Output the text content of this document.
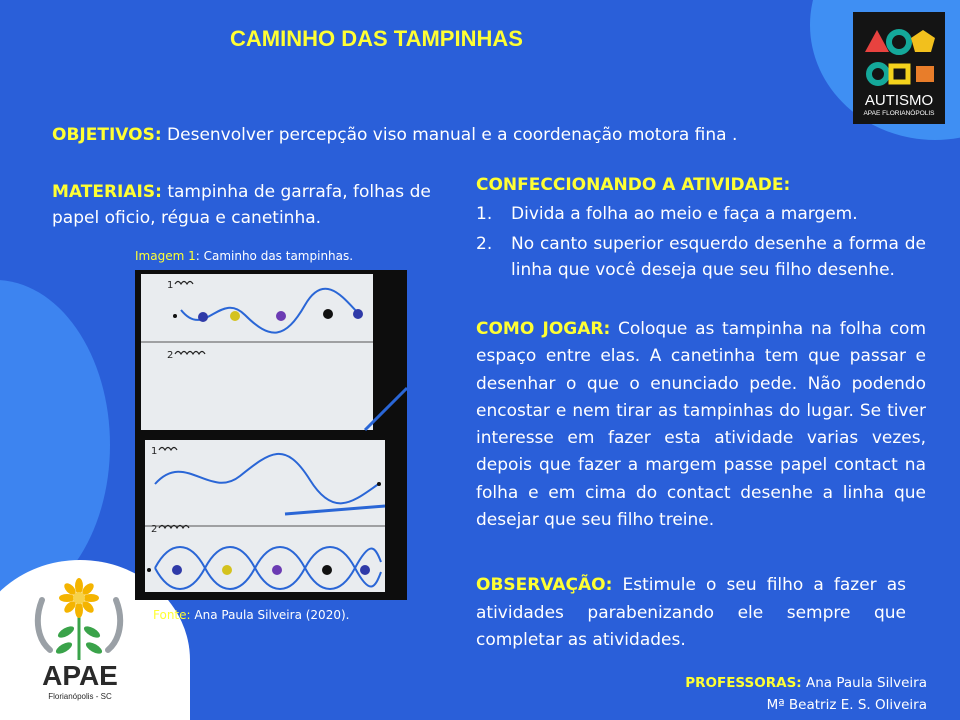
CAMINHO DAS TAMPINHAS
AUTISMO
APAE FLORIANÓPOLIS
OBJETIVOS: Desenvolver percepção viso manual e a coordenação motora fina .
MATERIAIS: tampinha de garrafa, folhas de papel oficio, régua e canetinha.
Imagem 1: Caminho das tampinhas.
1
2
1
2
Fonte: Ana Paula Silveira (2020).
CONFECCIONANDO A ATIVIDADE:
1. Divida a folha ao meio e faça a margem.
2. No canto superior esquerdo desenhe a forma de linha que você deseja que seu filho desenhe.
COMO JOGAR: Coloque as tampinha na folha com espaço entre elas. A canetinha tem que passar e desenhar o que o enunciado pede. Não podendo encostar e nem tirar as tampinhas do lugar. Se tiver interesse em fazer esta atividade varias vezes, depois que fazer a margem passe papel contact na folha e em cima do contact desenhe a linha que desejar que seu filho treine.
OBSERVAÇÃO: Estimule o seu filho a fazer as atividades parabenizando ele sempre que completar as atividades.
PROFESSORAS: Ana Paula Silveira
Mª Beatriz E. S. Oliveira
APAE
Florianópolis - SC
